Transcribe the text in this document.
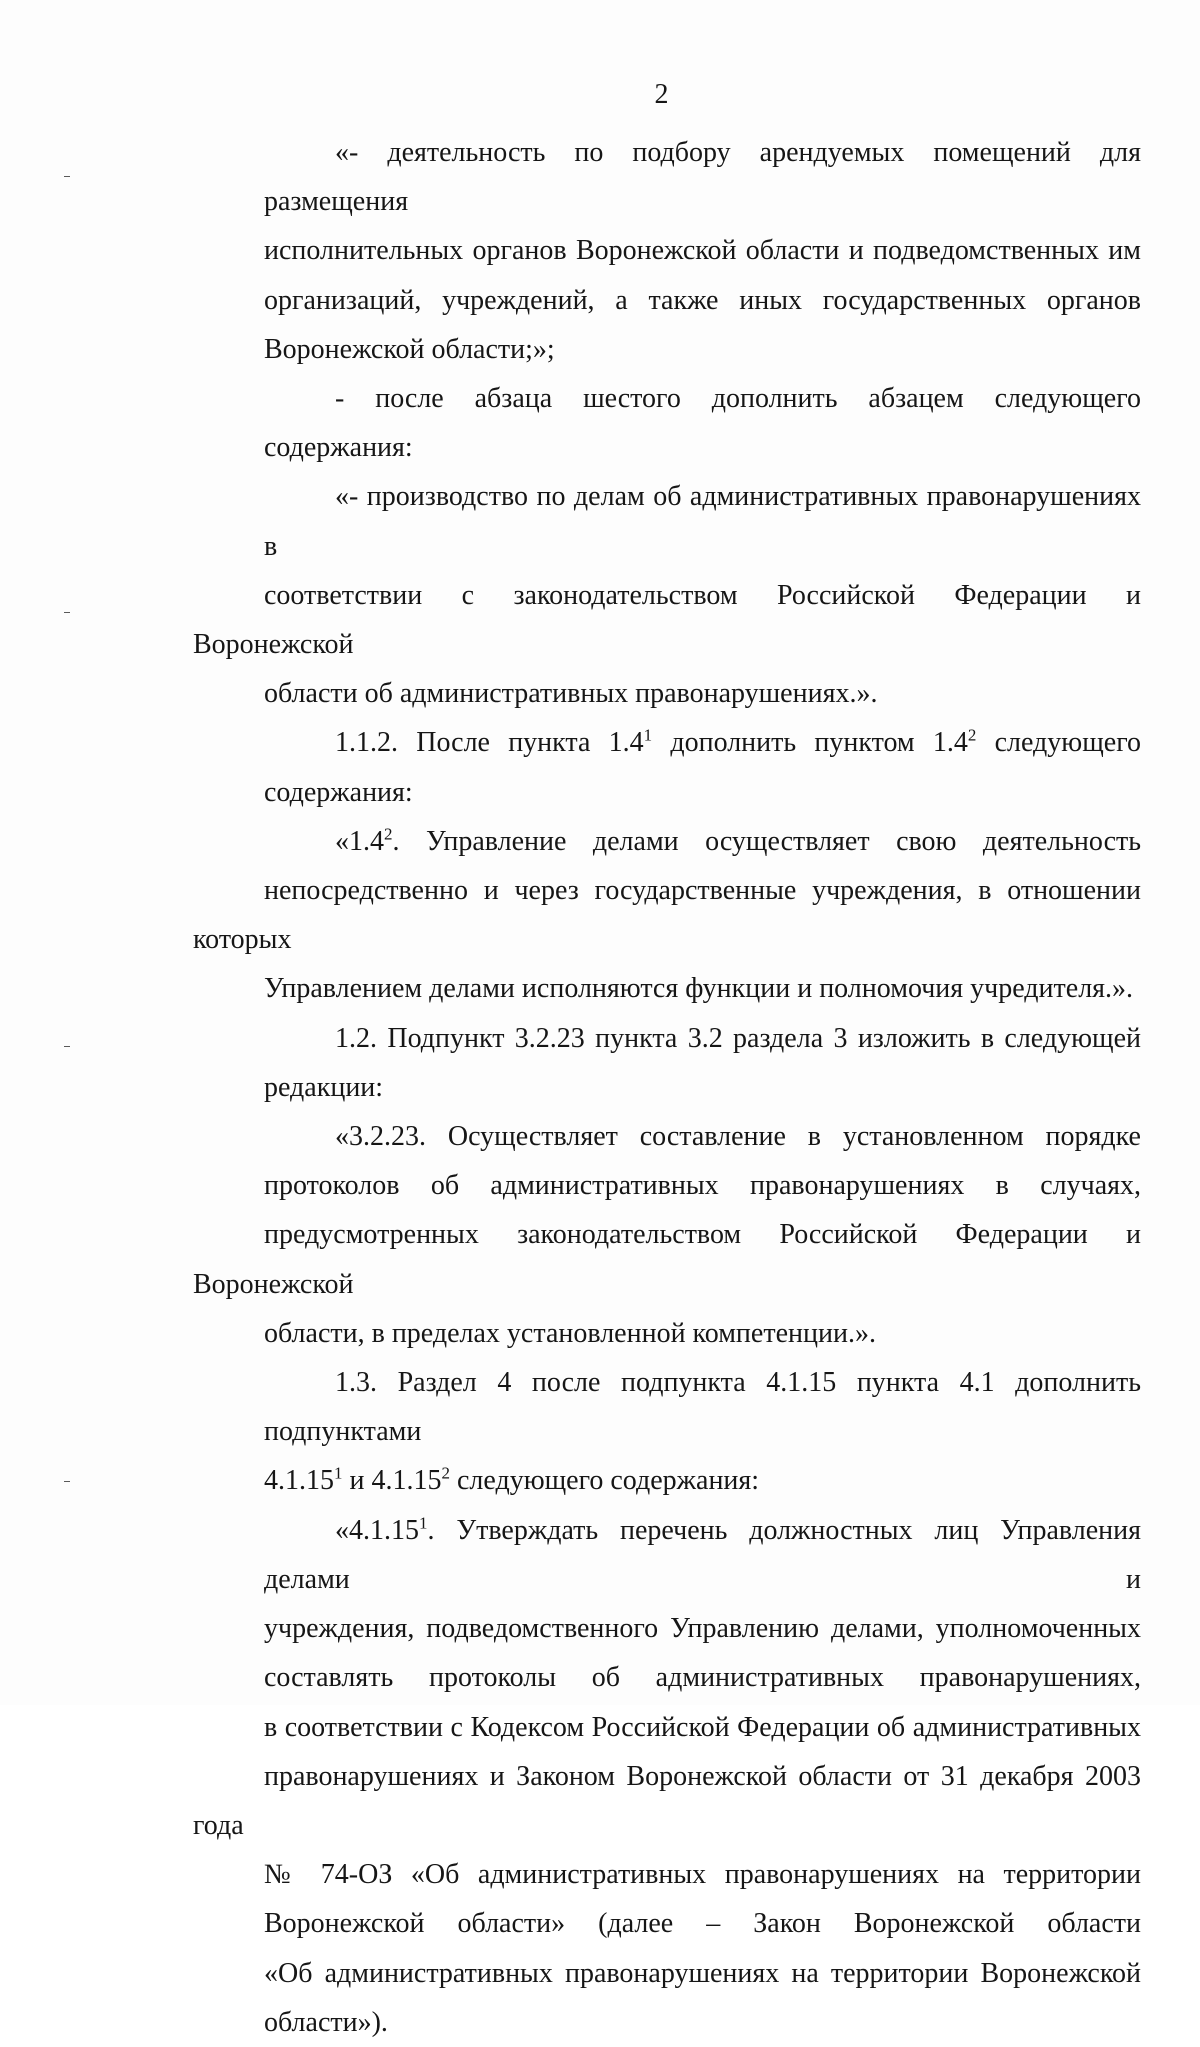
2
«- деятельность по подбору арендуемых помещений для размещения
исполнительных органов Воронежской области и подведомственных им
организаций, учреждений, а также иных государственных органов
Воронежской области;»;
- после абзаца шестого дополнить абзацем следующего содержания:
«- производство по делам об административных правонарушениях в
соответствии с законодательством Российской Федерации и Воронежской
области об административных правонарушениях.».
1.1.2. После пункта $1.4^1$ дополнить пунктом $1.4^2$ следующего
содержания:
«$1.4^2$. Управление делами осуществляет свою деятельность
непосредственно и через государственные учреждения, в отношении которых
Управлением делами исполняются функции и полномочия учредителя.».
1.2. Подпункт 3.2.23 пункта 3.2 раздела 3 изложить в следующей
редакции:
«3.2.23. Осуществляет составление в установленном порядке
протоколов об административных правонарушениях в случаях,
предусмотренных законодательством Российской Федерации и Воронежской
области, в пределах установленной компетенции.».
1.3. Раздел 4 после подпункта 4.1.15 пункта 4.1 дополнить подпунктами
4.1.15$^1$ и 4.1.15$^2$ следующего содержания:
«4.1.15$^1$. Утверждать перечень должностных лиц Управления делами и
учреждения, подведомственного Управлению делами, уполномоченных
составлять протоколы об административных правонарушениях,
в соответствии с Кодексом Российской Федерации об административных
правонарушениях и Законом Воронежской области от 31 декабря 2003 года
№ 74-ОЗ «Об административных правонарушениях на территории
Воронежской области» (далее – Закон Воронежской области
«Об административных правонарушениях на территории Воронежской
области»).
